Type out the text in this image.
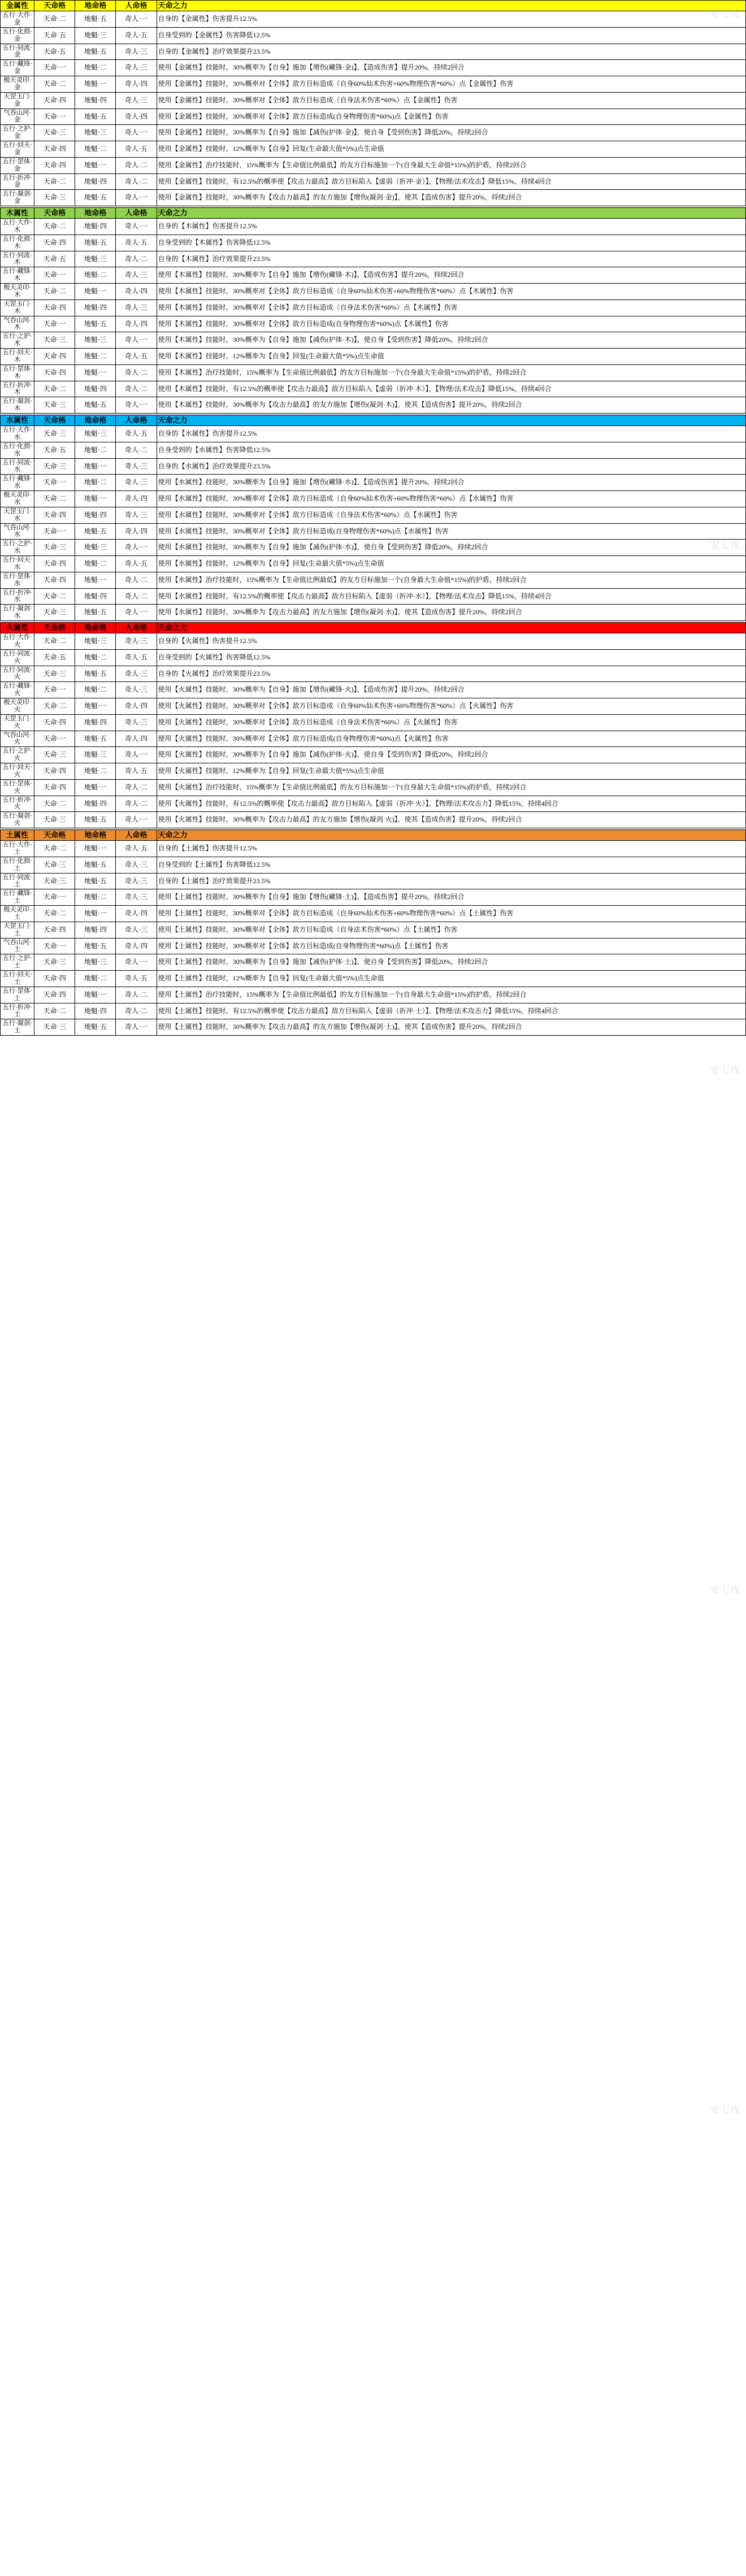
金属性	天命格	地命格	人命格	天命之力
五行·大作·金	天命·二	地魁·五	奇人·一	自身的【金属性】伤害提升12.5%
五行·化损·金	天命·五	地魁·三	奇人·五	自身受到的【金属性】伤害降低12.5%
五行·同流·金	天命·五	地魁·五	奇人·三	自身的【金属性】治疗效果提升23.5%
五行·藏锋·金	天命·一	地魁·二	奇人·三	使用【金属性】技能时，30%概率为【自身】施加【增伤(藏锋·金)】，【造成伤害】提升20%，持续2回合
极天灵印·金	天命·二	地魁·一	奇人·四	使用【金属性】技能时，30%概率对【全体】敌方目标造成（自身60%仙术伤害+60%物理伤害*60%）点【金属性】伤害
天罡玉门·金	天命·四	地魁·四	奇人·三	使用【金属性】技能时，30%概率对【全体】敌方目标造成（自身法术伤害*60%）点【金属性】伤害
气吞山河·金	天命·一	地魁·五	奇人·四	使用【金属性】技能时，30%概率对【全体】敌方目标造成(自身物理伤害*60%)点【金属性】伤害
五行·之护·金	天命·三	地魁·三	奇人·一	使用【金属性】技能时，30%概率为【自身】施加【减伤(护体·金)】，使自身【受到伤害】降低20%，持续2回合
五行·回天·金	天命·四	地魁·二	奇人·五	使用【金属性】技能时，12%概率为【自身】回复(生命最大值*5%)点生命值
五行·罡体·金	天命·四	地魁·一	奇人·二	使用【金属性】治疗技能时，15%概率为【生命值比例最低】的友方目标施加一个(自身最大生命值*15%)的护盾，持续2回合
五行·折冲·金	天命·二	地魁·四	奇人·二	使用【金属性】技能时，有12.5%的概率使【攻击力最高】敌方目标陷入【虚弱（折冲·金）】，【物理/法术攻击】降低15%，持续4回合
五行·凝剑·金	天命·三	地魁·五	奇人·一	使用【金属性】技能时，30%概率为【攻击力最高】的友方施加【增伤(凝剑·金)】，使其【造成伤害】提升20%，持续2回合
木属性	天命格	地命格	人命格	天命之力
五行·大作·木	天命·二	地魁·四	奇人·一	自身的【木属性】伤害提升12.5%
五行·化损·木	天命·四	地魁·五	奇人·五	自身受到的【木属性】伤害降低12.5%
五行·同流·木	天命·五	地魁·三	奇人·二	自身的【木属性】治疗效果提升23.5%
五行·藏锋·木	天命·一	地魁·二	奇人·三	使用【木属性】技能时，30%概率为【自身】施加【增伤(藏锋·木)】，【造成伤害】提升20%，持续2回合
极天灵印·木	天命·二	地魁·一	奇人·四	使用【木属性】技能时，30%概率对【全体】敌方目标造成（自身60%仙术伤害+60%物理伤害*60%）点【木属性】伤害
天罡玉门·木	天命·四	地魁·四	奇人·三	使用【木属性】技能时，30%概率对【全体】敌方目标造成（自身法术伤害*60%）点【木属性】伤害
气吞山河·木	天命·一	地魁·五	奇人·四	使用【木属性】技能时，30%概率对【全体】敌方目标造成(自身物理伤害*60%)点【木属性】伤害
五行·之护·木	天命·三	地魁·三	奇人·一	使用【木属性】技能时，30%概率为【自身】施加【减伤(护体·木)】，使自身【受到伤害】降低20%，持续2回合
五行·回天·木	天命·四	地魁·二	奇人·五	使用【木属性】技能时，12%概率为【自身】回复(生命最大值*5%)点生命值
五行·罡体·木	天命·四	地魁·一	奇人·二	使用【木属性】治疗技能时，15%概率为【生命值比例最低】的友方目标施加一个(自身最大生命值*15%)的护盾，持续2回合
五行·折冲·木	天命·二	地魁·四	奇人·二	使用【木属性】技能时，有12.5%的概率使【攻击力最高】敌方目标陷入【虚弱（折冲·木）】，【物理/法术攻击】降低15%，持续4回合
五行·凝剑·木	天命·三	地魁·五	奇人·一	使用【木属性】技能时，30%概率为【攻击力最高】的友方施加【增伤(凝剑·木)】，使其【造成伤害】提升20%，持续2回合
水属性	天命格	地命格	人命格	天命之力
五行·大作·水	天命·三	地魁·三	奇人·五	自身的【水属性】伤害提升12.5%
五行·化损·水	天命·五	地魁·二	奇人·二	自身受到的【水属性】伤害降低12.5%
五行·同流·水	天命·三	地魁·一	奇人·三	自身的【水属性】治疗效果提升23.5%
五行·藏锋·水	天命·一	地魁·二	奇人·三	使用【水属性】技能时，30%概率为【自身】施加【增伤(藏锋·水)】，【造成伤害】提升20%，持续2回合
极天灵印·水	天命·二	地魁·一	奇人·四	使用【水属性】技能时，30%概率对【全体】敌方目标造成（自身60%仙术伤害+60%物理伤害*60%）点【水属性】伤害
天罡玉门·水	天命·四	地魁·四	奇人·三	使用【水属性】技能时，30%概率对【全体】敌方目标造成（自身法术伤害*60%）点【水属性】伤害
气吞山河·水	天命·一	地魁·五	奇人·四	使用【水属性】技能时，30%概率对【全体】敌方目标造成(自身物理伤害*60%)点【水属性】伤害
五行·之护·水	天命·三	地魁·三	奇人·一	使用【水属性】技能时，30%概率为【自身】施加【减伤(护体·水)】，使自身【受到伤害】降低20%，持续2回合
五行·回天·水	天命·四	地魁·二	奇人·五	使用【水属性】技能时，12%概率为【自身】回复(生命最大值*5%)点生命值
五行·罡体·水	天命·四	地魁·一	奇人·二	使用【水属性】治疗技能时，15%概率为【生命值比例最低】的友方目标施加一个(自身最大生命值*15%)的护盾，持续2回合
五行·折冲·水	天命·二	地魁·四	奇人·二	使用【水属性】技能时，有12.5%的概率使【攻击力最高】敌方目标陷入【虚弱（折冲·水）】，【物理/法术攻击】降低15%，持续4回合
五行·凝剑·水	天命·三	地魁·五	奇人·一	使用【水属性】技能时，30%概率为【攻击力最高】的友方施加【增伤(凝剑·水)】，使其【造成伤害】提升20%，持续2回合
火属性	天命格	地命格	人命格	天命之力
五行·大作·火	天命·二	地魁·三	奇人·三	自身的【火属性】伤害提升12.5%
五行·同流·火	天命·五	地魁·二	奇人·五	自身受到的【火属性】伤害降低12.5%
五行·同流·火	天命·三	地魁·五	奇人·三	自身的【火属性】治疗效果提升23.5%
五行·藏锋·火	天命·一	地魁·二	奇人·三	使用【火属性】技能时，30%概率为【自身】施加【增伤(藏锋·火)】，【造成伤害】提升20%，持续2回合
极天灵印·火	天命·二	地魁·一	奇人·四	使用【火属性】技能时，30%概率对【全体】敌方目标造成（自身60%仙术伤害+60%物理伤害*60%）点【火属性】伤害
天罡玉门·火	天命·四	地魁·四	奇人·三	使用【火属性】技能时，30%概率对【全体】敌方目标造成（自身法术伤害*60%）点【火属性】伤害
气吞山河·火	天命·一	地魁·五	奇人·四	使用【火属性】技能时，30%概率对【全体】敌方目标造成(自身物理伤害*60%)点【火属性】伤害
五行·之护·火	天命·三	地魁·三	奇人·一	使用【火属性】技能时，30%概率为【自身】施加【减伤(护体·火)】，使自身【受到伤害】降低20%，持续2回合
五行·回天·火	天命·四	地魁·二	奇人·五	使用【火属性】技能时，12%概率为【自身】回复(生命最大值*5%)点生命值
五行·罡体·火	天命·四	地魁·一	奇人·二	使用【火属性】治疗技能时，15%概率为【生命值比例最低】的友方目标施加一个(自身最大生命值*15%)的护盾，持续2回合
五行·折冲·火	天命·二	地魁·四	奇人·二	使用【火属性】技能时，有12.5%的概率使【攻击力最高】敌方目标陷入【虚弱（折冲·火）】，【物理/法术攻击力】降低15%，持续4回合
五行·凝剑·火	天命·三	地魁·五	奇人·一	使用【火属性】技能时，30%概率为【攻击力最高】的友方施加【增伤(凝剑·火)】，使其【造成伤害】提升20%，持续2回合
土属性	天命格	地命格	人命格	天命之力
五行·大作·土	天命·二	地魁·一	奇人·五	自身的【土属性】伤害提升12.5%
五行·化损·土	天命·三	地魁·五	奇人·三	自身受到的【土属性】伤害降低12.5%
五行·同流·土	天命·三	地魁·五	奇人·三	自身的【土属性】治疗效果提升23.5%
五行·藏锋·土	天命·一	地魁·二	奇人·三	使用【土属性】技能时，30%概率为【自身】施加【增伤(藏锋·土)】，【造成伤害】提升20%，持续2回合
极天灵印·土	天命·二	地魁·一	奇人·四	使用【土属性】技能时，30%概率对【全体】敌方目标造成（自身60%仙术伤害+60%物理伤害*60%）点【土属性】伤害
天罡玉门·土	天命·四	地魁·四	奇人·三	使用【土属性】技能时，30%概率对【全体】敌方目标造成（自身法术伤害*60%）点【土属性】伤害
气吞山河·土	天命·一	地魁·五	奇人·四	使用【土属性】技能时，30%概率对【全体】敌方目标造成(自身物理伤害*60%)点【土属性】伤害
五行·之护·土	天命·三	地魁·三	奇人·一	使用【土属性】技能时，30%概率为【自身】施加【减伤(护体·土)】，使自身【受到伤害】降低20%，持续2回合
五行·回天·土	天命·四	地魁·二	奇人·五	使用【土属性】技能时，12%概率为【自身】回复(生命最大值*5%)点生命值
五行·罡体·土	天命·四	地魁·一	奇人·二	使用【土属性】治疗技能时，15%概率为【生命值比例最低】的友方目标施加一个(自身最大生命值*15%)的护盾，持续2回合
五行·折冲·土	天命·二	地魁·四	奇人·二	使用【土属性】技能时，有12.5%的概率使【攻击力最高】敌方目标陷入【虚弱（折冲·土）】，【物理/法术攻击力】降低15%，持续4回合
五行·凝剑·土	天命·三	地魁·五	奇人·一	使用【土属性】技能时，30%概率为【攻击力最高】的友方施加【增伤(凝剑·土)】，使其【造成伤害】提升20%，持续2回合
安七夜
安七夜
安七夜
安七夜
安七夜
